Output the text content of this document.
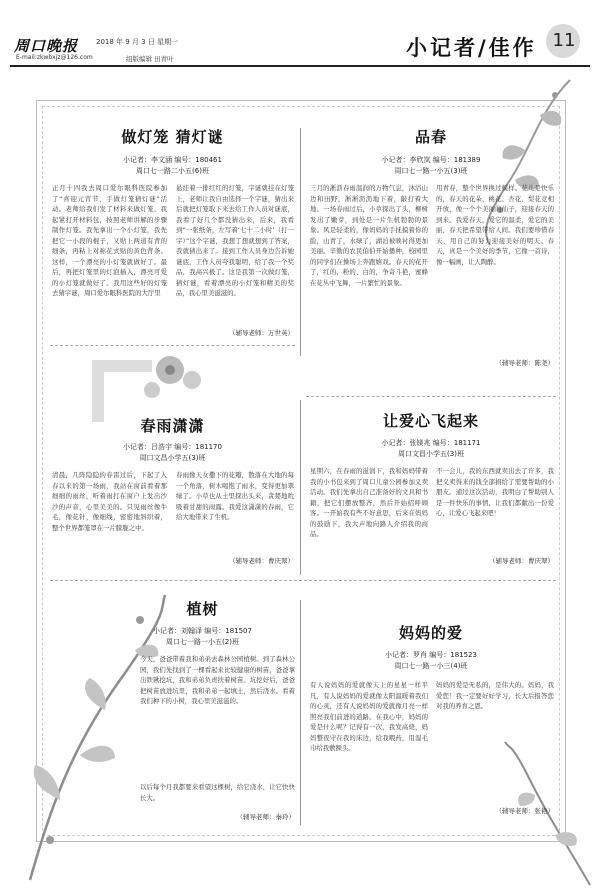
周口晚报	2018 年 9 月 3 日 星期一
E-mail:zkwbxjz@126.com	组版编辑 田青叶	小记者/佳作 11
做灯笼 猜灯谜
小记者：李文涵 编号：180461
周口七一路二小五(6)班
正月十四我去周口爱尔眼科医院参加了“喜迎元宵节，手做灯笼猜灯谜”活动。老师给我们发了材料来做灯笼，我起紧打开材料包，按照老师讲解的步骤制作灯笼。我先拿出一个小灯笼，我先把它一小段的棍子，又贴上两道有背的细条，再粘上对称花式贴的黄色背条。这样，一个漂亮的小灯笼就做好了。最后，再把灯笼里的灯泡插入，漂亮可爱的小灯笼就做好了。我用这些好的灯笼去猜字谜，周口爱尔眼科医院的大厅里
悬挂着一排红红的灯笼，字谜就挂在灯笼上，老师让我自由选择一个字谜，猜出来后就把灯笼取下来去给工作人员对谜底，我看了好几个都没猜出来，后来，我看到“一张纸条，左写着‘七十二小时’（打一字）”这个字谜，我想了想就想到了答案，我就猜出来了。接到工作人员身边告诉她谜底，工作人员夸我聪明，给了我一个奖品，我高兴极了。这是我第一次做灯笼，猜灯谜，看着漂亮的小灯笼和精美的奖品，我心里美滋滋的。
（辅导老师：万世英）
品春
小记者：李欣岚 编号：181389
周口七一路一小五(3)班
三月的淅沥春雨温润的万物气息，沐浴山边和田野，淅淅沥沥地下着，敲打着大地。一场春雨过后，小草探出了头，柳树发出了嫩芽，到处是一片生机勃勃的景象。风是轻柔的，像妈妈的手抚摸着你的脸，山青了，水绿了，湖泊被映衬得更加美丽。辛勤的农民伯伯开始播种，校园里的同学们在操场上奔跑嬉戏。春天的花开了，红的、粉的、白的，争奇斗艳，蜜蜂在花丛中飞舞，一片繁忙的景象。
用青春，整个世界换过模样。花儿是快乐的，春天的花朵，桃花、杏花、梨花竞相开放，像一个个美丽的仙子，迎接春天的到来。我爱春天，爱它的温柔，爱它的美丽，春天把希望带给人间。我们要珍惜春天，用自己的努力迎接美好的明天。春天，真是一个美好的季节，它像一首诗，像一幅画，让人陶醉。
（辅导老师：陈尧）
春雨潇潇
小记者：吕浩宇 编号：181170
周口文昌小学五(3)班
清晨，几阵隐隐的春雷过后，下起了入春以来的第一场雨，我站在窗前看着那细细的雨丝，听着雨打在窗户上发出沙沙的声音，心里美美的。只见雨丝像牛毛，像花针，像细线，密密地斜织着，整个世界都笼罩在一片朦胧之中。
春雨像天女撒下的花瓣，散落在大地的每一个角落，树木喝饱了雨水，变得更加翠绿了。小草也从土里探出头来，贪婪地吮吸着甘甜的雨露。我爱这潇潇的春雨，它给大地带来了生机。
（辅导老师：曹庆翠）
让爱心飞起来
小记者：张镁兆 编号：181171
周口文昌小学五(3)班
星期六，在春雨的滋润下，我和妈妈带着我的小书包来到了周口儿童公园参加义卖活动。我们先拿出自己准备好的文具和书籍，把它们摆放整齐，然后开始招呼顾客。一开始我有些不好意思，后来在妈妈的鼓励下，我大声地向路人介绍我的商品。
不一会儿，我的东西就卖出去了许多，我把义卖得来的钱全部捐给了需要帮助的小朋友。通过这次活动，我明白了帮助别人是一件快乐的事情，让我们都献出一份爱心，让爱心飞起来吧！
（辅导老师：曹庆翠）
植树
小记者：刘翰泽 编号：181507
周口七一路一小五(2)班
今天，爸爸带着我和弟弟去森林公园植树。到了森林公园，我们先找到了一棵看起来比较健康的树苗，爸爸拿出铁锹挖坑，我和弟弟负责扶着树苗。坑挖好后，爸爸把树苗放进坑里，我和弟弟一起填土，然后浇水。看着我们种下的小树，我心里美滋滋的。
以后每个月我都要来看望这棵树，给它浇水，让它快快长大。
（辅导老师：秦玲）
妈妈的爱
小记者：罗肖 编号：181523
周口七一路一小三(4)班
有人说妈妈的爱就像天上的星星一样平凡，有人说妈妈的爱就像太阳温暖着我们的心灵，还有人说妈妈的爱就像月亮一样照亮我们前进的道路。在我心中，妈妈的爱是什么呢？记得有一次，我发高烧，妈妈整夜守在我的床边，给我喂药，用湿毛巾给我敷额头。
妈妈的爱是无私的，是伟大的。妈妈，我爱您！我一定要好好学习，长大后报答您对我的养育之恩。
（辅导老师：张艳）
